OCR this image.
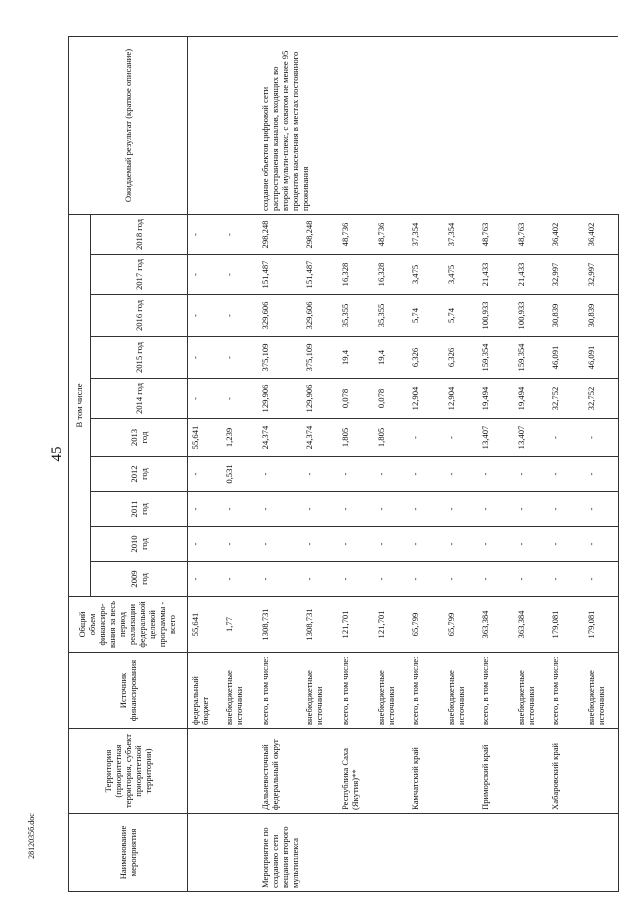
45
2812035б.doc	Наименование мероприятия	Территория (приоритетная территория, субъект приоритетной территории)	Источник финансирования	Общий объем финансиро-вания за весь период реализации федеральной целевой программы - всего	В том числе										Ожидаемый результат (краткое описание)
				2009 год	2010 год	2011 год	2012 год	2013 год	2014 год	2015 год	2016 год	2017 год	2018 год	
		федеральный бюджет	55,641	-	-	-	-	55,641	-	-	-	-	-	
		внебюджетные источники	1,77	-	-	-	0,531	1,239	-	-	-	-	-	
Мероприятие по созданию сети вещания второго мультиплекса	Дальневосточный федеральный округ	всего, в том числе:	1308,731	-	-	-	-	24,374	129,906	375,109	329,606	151,487	298,248	создание объектов цифровой сети распространения каналов, входящих во второй мульти-плекс, с охватом не менее 95 процентов населения в местах постоянного проживания
		внебюджетные источники	1308,731	-	-	-	-	24,374	129,906	375,109	329,606	151,487	298,248	
	Республика Саха (Якутия)**	всего, в том числе:	121,701	-	-	-	-	1,805	0,078	19,4	35,355	16,328	48,736	
		внебюджетные источники	121,701	-	-	-	-	1,805	0,078	19,4	35,355	16,328	48,736	
	Камчатский край	всего, в том числе:	65,799	-	-	-	-	-	12,904	6,326	5,74	3,475	37,354	
		внебюджетные источники	65,799	-	-	-	-	-	12,904	6,326	5,74	3,475	37,354	
	Приморский край	всего, в том числе:	363,384	-	-	-	-	13,407	19,494	159,354	100,933	21,433	48,763	
		внебюджетные источники	363,384	-	-	-	-	13,407	19,494	159,354	100,933	21,433	48,763	
	Хабаровский край	всего, в том числе:	179,081	-	-	-	-	-	32,752	46,091	30,839	32,997	36,402	
		внебюджетные источники	179,081	-	-	-	-	-	32,752	46,091	30,839	32,997	36,402	
